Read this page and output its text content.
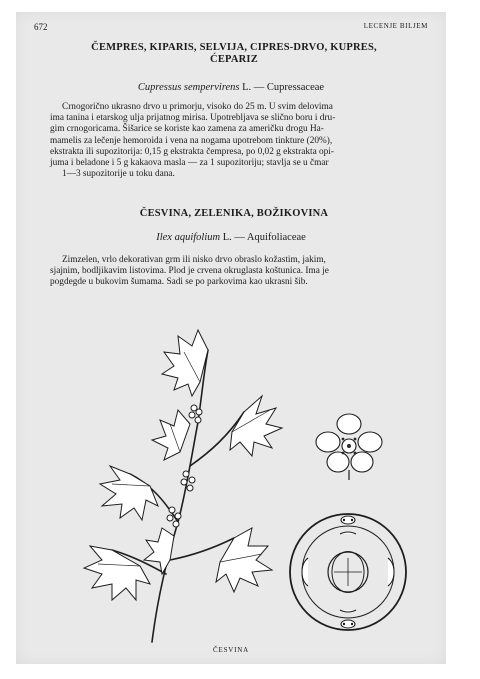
672	LECENJE BILJEM
ČEMPRES, KIPARIS, SELVIJA, CIPRES-DRVO, KUPRES,
ĆEPARIZ
Cupressus sempervirens L. — Cupressaceae
Crnogorično ukrasno drvo u primorju, visoko do 25 m. U svim delovima
ima tanina i etarskog ulja prijatnog mirisa. Upotrebljava se slično boru i dru-
gim crnogoricama. Šišarice se koriste kao zamena za američku drogu Ha-
mamelis za lečenje hemoroida i vena na nogama upotrebom tinkture (20%),
ekstrakta ili supozitorija: 0,15 g ekstrakta čempresa, po 0,02 g ekstrakta opi-
juma i beladone i 5 g kakaova masla — za 1 supozitoriju; stavlja se u čmar
1—3 supozitorije u toku dana.
ČESVINA, ZELENIKA, BOŽIKOVINA
Ilex aquifolium L. — Aquifoliaceae
Zimzelen, vrlo dekorativan grm ili nisko drvo obraslo kožastim, jakim,
sjajnim, bodljikavim listovima. Plod je crvena okruglasta koštunica. Ima je
pogdegde u bukovim šumama. Sadi se po parkovima kao ukrasni šib.
ČESVINA
